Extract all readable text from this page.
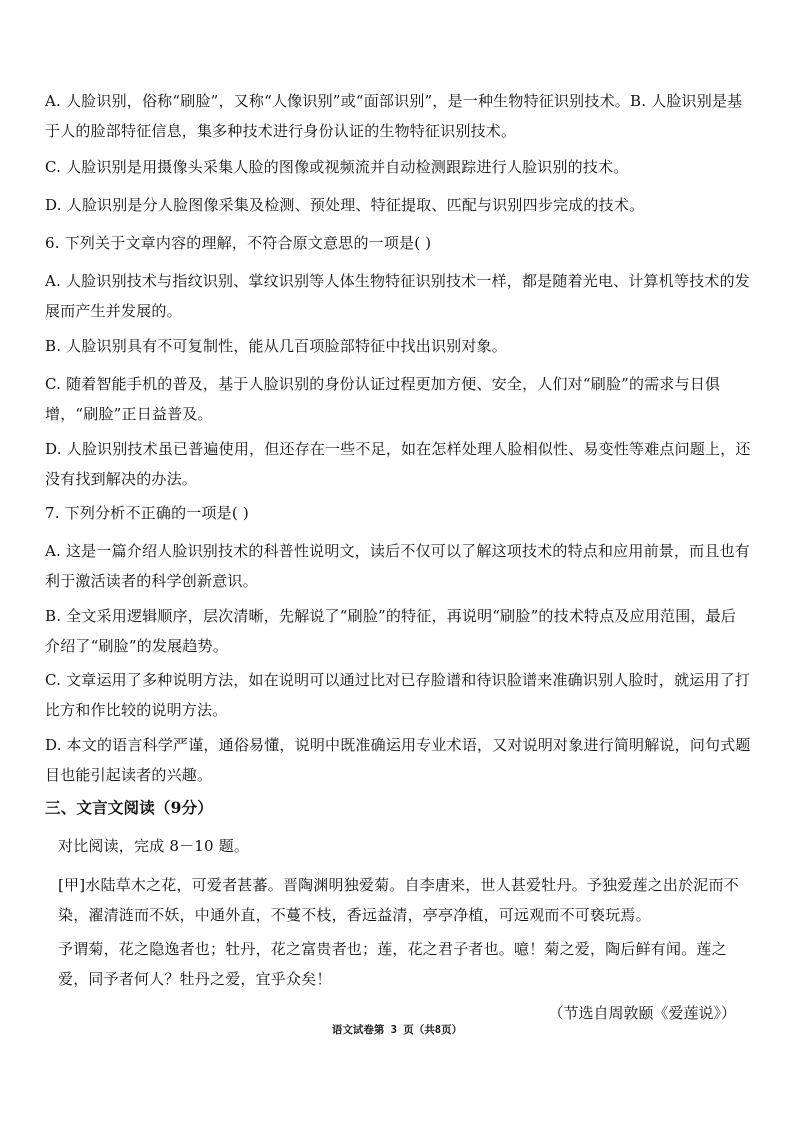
A. 人脸识别，俗称“刷脸”，又称“人像识别”或“面部识别”，是一种生物特征识别技术。B. 人脸识别是基于人的脸部特征信息，集多种技术进行身份认证的生物特征识别技术。

C. 人脸识别是用摄像头采集人脸的图像或视频流并自动检测跟踪进行人脸识别的技术。

D. 人脸识别是分人脸图像采集及检测、预处理、特征提取、匹配与识别四步完成的技术。

6. 下列关于文章内容的理解，不符合原文意思的一项是( )

A. 人脸识别技术与指纹识别、掌纹识别等人体生物特征识别技术一样，都是随着光电、计算机等技术的发展而产生并发展的。

B. 人脸识别具有不可复制性，能从几百项脸部特征中找出识别对象。

C. 随着智能手机的普及，基于人脸识别的身份认证过程更加方便、安全，人们对“刷脸”的需求与日俱增，“刷脸”正日益普及。

D. 人脸识别技术虽已普遍使用，但还存在一些不足，如在怎样处理人脸相似性、易变性等难点问题上，还没有找到解决的办法。

7. 下列分析不正确的一项是( )

A. 这是一篇介绍人脸识别技术的科普性说明文，读后不仅可以了解这项技术的特点和应用前景，而且也有利于激活读者的科学创新意识。

B. 全文采用逻辑顺序，层次清晰，先解说了“刷脸”的特征，再说明“刷脸”的技术特点及应用范围，最后介绍了“刷脸”的发展趋势。

C. 文章运用了多种说明方法，如在说明可以通过比对已存脸谱和待识脸谱来准确识别人脸时，就运用了打比方和作比较的说明方法。

D. 本文的语言科学严谨，通俗易懂，说明中既准确运用专业术语，又对说明对象进行简明解说，问句式题目也能引起读者的兴趣。

三、文言文阅读（9分）

对比阅读，完成 8－10 题。

[甲]水陆草木之花，可爱者甚蕃。晋陶渊明独爱菊。自李唐来，世人甚爱牡丹。予独爱莲之出於泥而不染，濯清涟而不妖，中通外直，不蔓不枝，香远益清，亭亭净植，可远观而不可亵玩焉。

予谓菊，花之隐逸者也；牡丹，花之富贵者也；莲，花之君子者也。噫！菊之爱，陶后鲜有闻。莲之爱，同予者何人？牡丹之爱，宜乎众矣！

（节选自周敦颐《爱莲说》）

语文试卷第 3 页（共8页）
